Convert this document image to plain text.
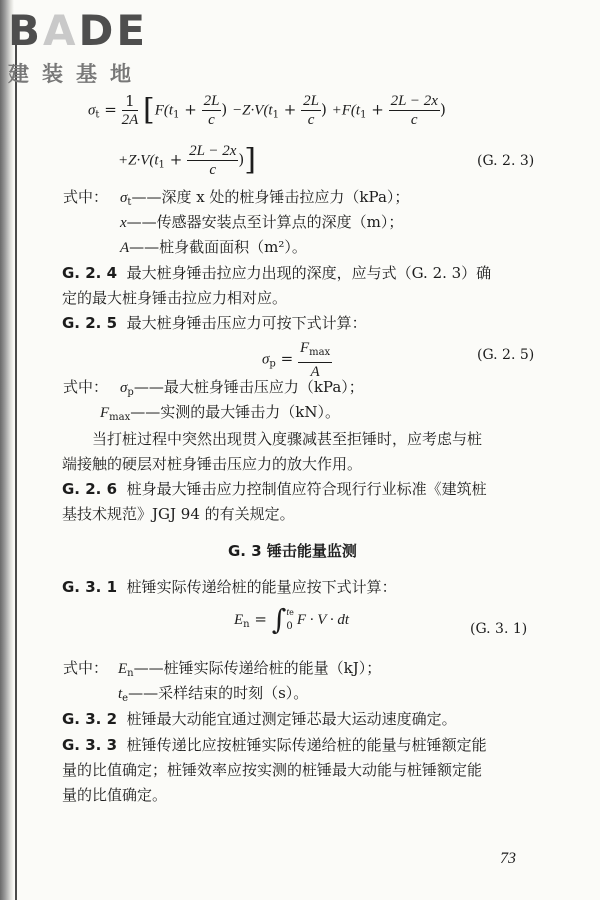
BADE
建装基地
$\sigma_t = \frac{1}{2A} [F(t_1 + \frac{2L}{c}$ ) $-Z\cdot V(t_1 + \frac{2L}{c}$ ) $+F(t_1 + \frac{2L - 2x}{c}$ )
$+Z\cdot V(t_1 + \frac{2L - 2x}{c}$ )]	(G. 2. 3)
式中： $\sigma_t——$深度 x 处的桩身锤击拉应力（kPa）；
x——传感器安装点至计算点的深度（m）；
A——桩身截面面积（m²）。
G. 2. 4 最大桩身锤击拉应力出现的深度，应与式（G. 2. 3）确
定的最大桩身锤击拉应力相对应。
G. 2. 5 最大桩身锤击压应力可按下式计算：
$\sigma_p = \frac{F_{max}}{A}$	(G. 2. 5)
式中： $\sigma_p——$最大桩身锤击压应力（kPa）；
$F_{max}——$实测的最大锤击力（kN）。
当打桩过程中突然出现贯入度骤减甚至拒锤时，应考虑与桩
端接触的硬层对桩身锤击压应力的放大作用。
G. 2. 6 桩身最大锤击应力控制值应符合现行行业标准《建筑桩
基技术规范》JGJ 94 的有关规定。
G. 3 锤击能量监测
G. 3. 1 桩锤实际传递给桩的能量应按下式计算：
$E_n$ = ∫ te
0 F · V · dt
(G. 3. 1)
式中： $E_n——$桩锤实际传递给桩的能量（kJ）；
$t_e——$采样结束的时刻（s）。
G. 3. 2 桩锤最大动能宜通过测定锤芯最大运动速度确定。
G. 3. 3 桩锤传递比应按桩锤实际传递给桩的能量与桩锤额定能
量的比值确定；桩锤效率应按实测的桩锤最大动能与桩锤额定能
量的比值确定。
73
